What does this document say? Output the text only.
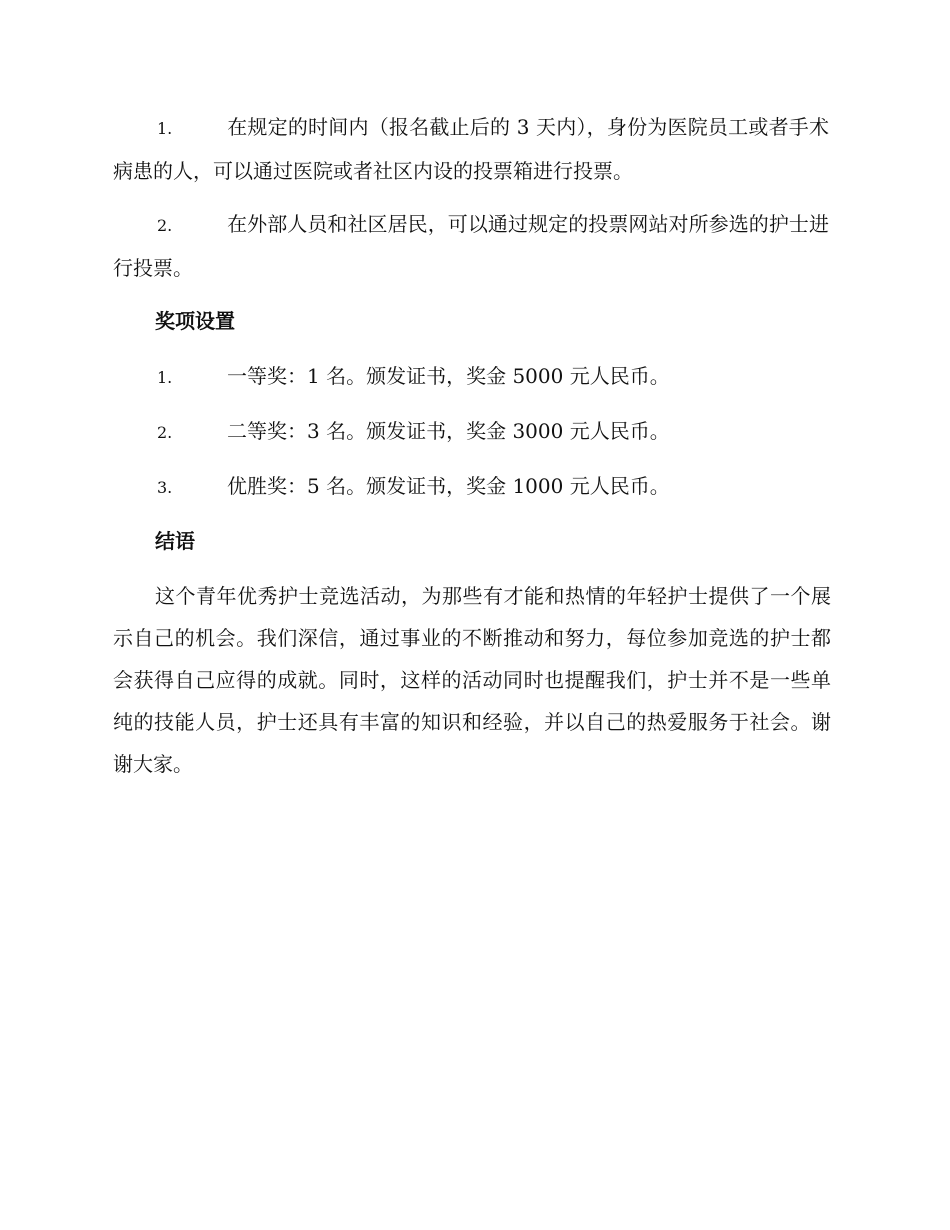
1.	在规定的时间内（报名截止后的 3 天内），身份为医院员工或者手术病患的人，可以通过医院或者社区内设的投票箱进行投票。
2.	在外部人员和社区居民，可以通过规定的投票网站对所参选的护士进行投票。
奖项设置
1.	一等奖：1 名。颁发证书，奖金 5000 元人民币。
2.	二等奖：3 名。颁发证书，奖金 3000 元人民币。
3.	优胜奖：5 名。颁发证书，奖金 1000 元人民币。
结语
这个青年优秀护士竞选活动，为那些有才能和热情的年轻护士提供了一个展示自己的机会。我们深信，通过事业的不断推动和努力，每位参加竞选的护士都会获得自己应得的成就。同时，这样的活动同时也提醒我们，护士并不是一些单纯的技能人员，护士还具有丰富的知识和经验，并以自己的热爱服务于社会。谢谢大家。
